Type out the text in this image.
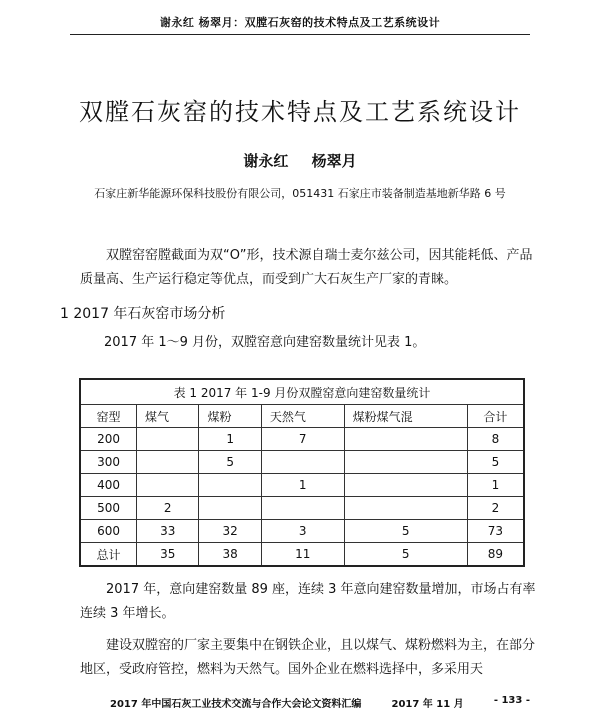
谢永红 杨翠月：双膛石灰窑的技术特点及工艺系统设计
双膛石灰窑的技术特点及工艺系统设计
谢永红 杨翠月
石家庄新华能源环保科技股份有限公司，051431 石家庄市装备制造基地新华路 6 号
双膛窑窑膛截面为双“O”形，技术源自瑞士麦尔兹公司，因其能耗低、产品质量高、生产运行稳定等优点，而受到广大石灰生产厂家的青睐。
1 2017 年石灰窑市场分析
2017 年 1～9 月份，双膛窑意向建窑数量统计见表 1。
表 1 2017 年 1-9 月份双膛窑意向建窑数量统计					
窑型	煤气	煤粉	天然气	煤粉煤气混	合计
200		1	7		8
300		5			5
400			1		1
500	2				2
600	33	32	3	5	73
总计	35	38	11	5	89
2017 年，意向建窑数量 89 座，连续 3 年意向建窑数量增加，市场占有率连续 3 年增长。
建设双膛窑的厂家主要集中在钢铁企业，且以煤气、煤粉燃料为主，在部分地区，受政府管控，燃料为天然气。国外企业在燃料选择中，多采用天
2017 年中国石灰工业技术交流与合作大会论文资料汇编	2017 年 11 月	- 133 -
